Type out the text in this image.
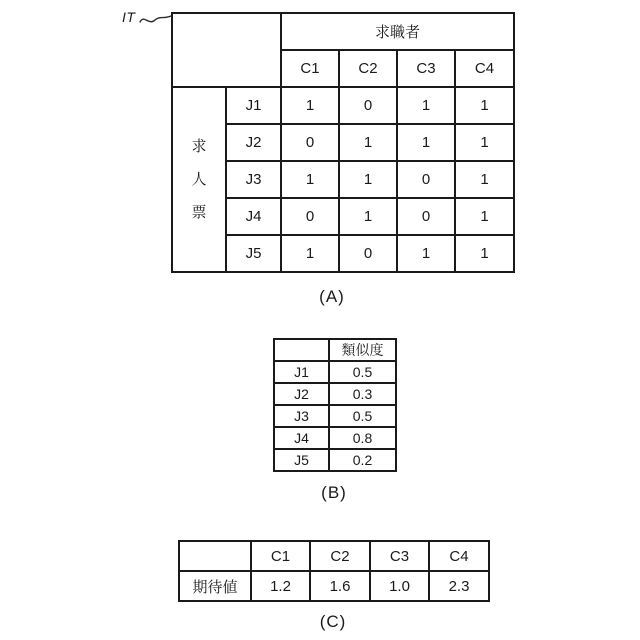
IT
		求職者			
		C1	C2	C3	C4
求人票	J1	1	0	1	1
	J2	0	1	1	1
	J3	1	1	0	1
	J4	0	1	0	1
	J5	1	0	1	1
(A)
	類似度
J1	0.5
J2	0.3
J3	0.5
J4	0.8
J5	0.2
(B)
	C1	C2	C3	C4
期待値	1.2	1.6	1.0	2.3
(C)
